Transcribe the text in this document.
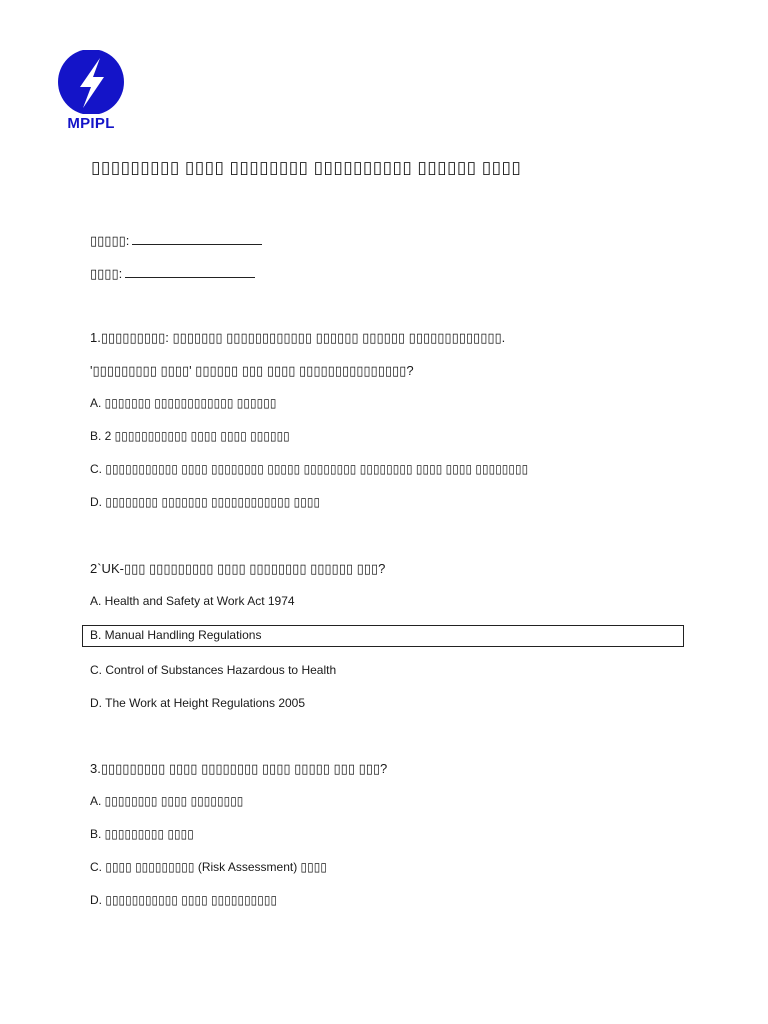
MPIPL
▯▯▯▯▯▯▯▯▯ ▯▯▯▯ ▯▯▯▯▯▯▯▯ ▯▯▯▯▯▯▯▯▯▯ ▯▯▯▯▯▯ ▯▯▯▯
▯▯▯▯▯:
▯▯▯▯:
1.▯▯▯▯▯▯▯▯▯: ▯▯▯▯▯▯▯ ▯▯▯▯▯▯▯▯▯▯▯▯ ▯▯▯▯▯▯ ▯▯▯▯▯▯ ▯▯▯▯▯▯▯▯▯▯▯▯▯.
'▯▯▯▯▯▯▯▯▯ ▯▯▯▯' ▯▯▯▯▯▯ ▯▯▯ ▯▯▯▯ ▯▯▯▯▯▯▯▯▯▯▯▯▯▯▯?
A. ▯▯▯▯▯▯▯ ▯▯▯▯▯▯▯▯▯▯▯▯ ▯▯▯▯▯▯
B. 2 ▯▯▯▯▯▯▯▯▯▯▯ ▯▯▯▯ ▯▯▯▯ ▯▯▯▯▯▯
C. ▯▯▯▯▯▯▯▯▯▯▯ ▯▯▯▯ ▯▯▯▯▯▯▯▯ ▯▯▯▯▯ ▯▯▯▯▯▯▯▯ ▯▯▯▯▯▯▯▯ ▯▯▯▯ ▯▯▯▯ ▯▯▯▯▯▯▯▯
D. ▯▯▯▯▯▯▯▯ ▯▯▯▯▯▯▯ ▯▯▯▯▯▯▯▯▯▯▯▯ ▯▯▯▯
2`UK-▯▯▯ ▯▯▯▯▯▯▯▯▯ ▯▯▯▯ ▯▯▯▯▯▯▯▯ ▯▯▯▯▯▯ ▯▯▯?
A. Health and Safety at Work Act 1974
B. Manual Handling Regulations
C. Control of Substances Hazardous to Health
D. The Work at Height Regulations 2005
3.▯▯▯▯▯▯▯▯▯ ▯▯▯▯ ▯▯▯▯▯▯▯▯ ▯▯▯▯ ▯▯▯▯▯ ▯▯▯ ▯▯▯?
A. ▯▯▯▯▯▯▯▯ ▯▯▯▯ ▯▯▯▯▯▯▯▯
B. ▯▯▯▯▯▯▯▯▯ ▯▯▯▯
C. ▯▯▯▯ ▯▯▯▯▯▯▯▯▯ (Risk Assessment) ▯▯▯▯
D. ▯▯▯▯▯▯▯▯▯▯▯ ▯▯▯▯ ▯▯▯▯▯▯▯▯▯▯
